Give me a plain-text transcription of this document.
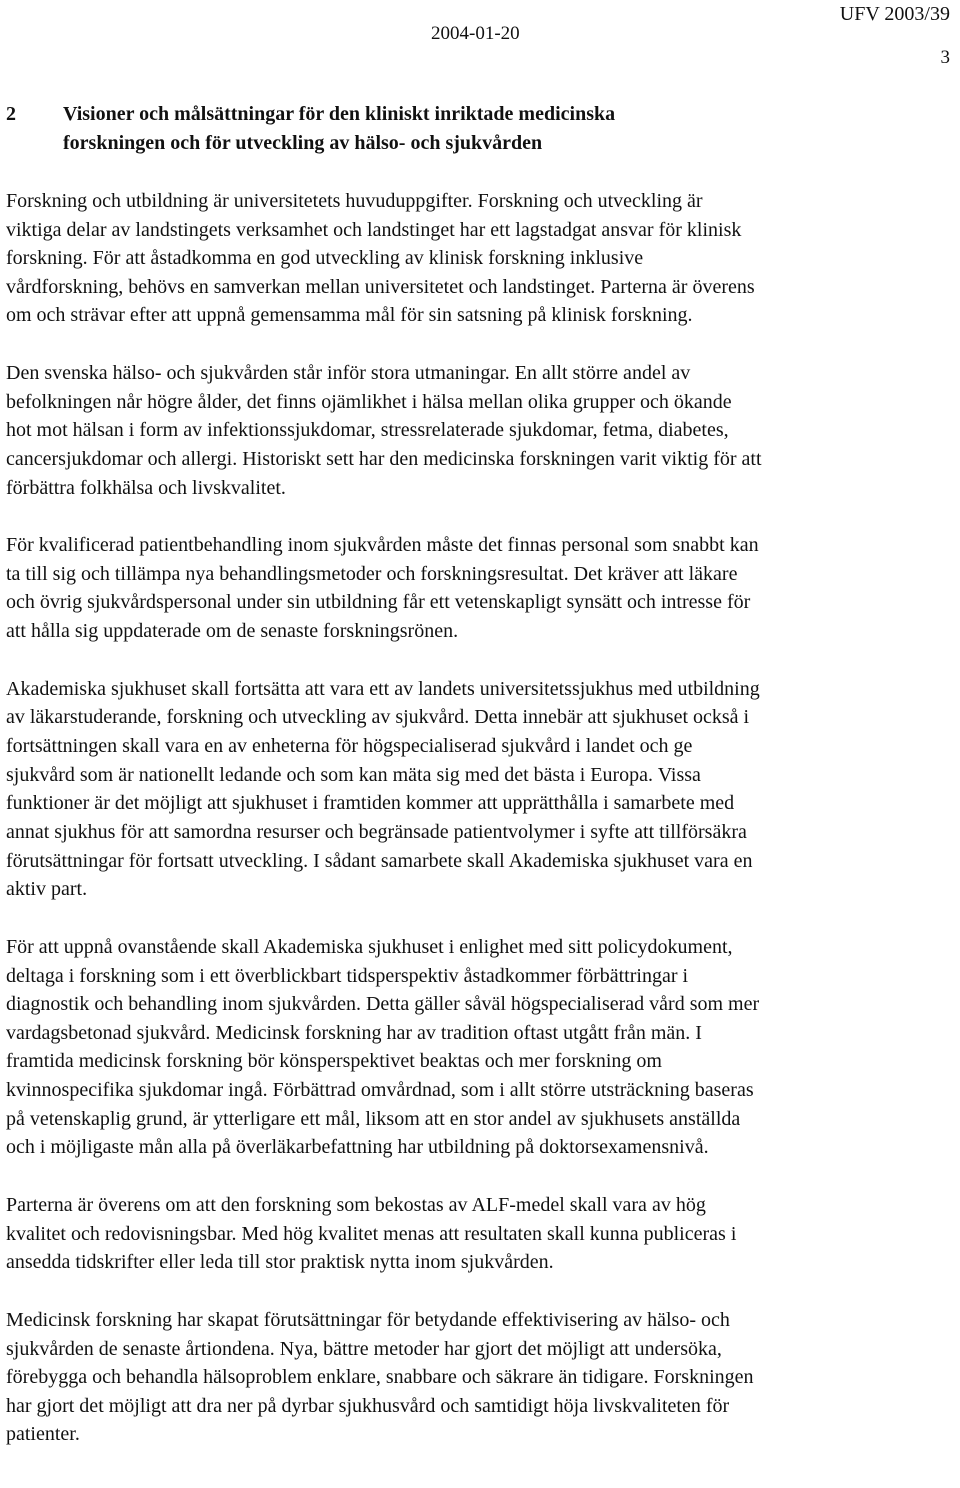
2004-01-20
UFV 2003/39
3
2 Visioner och målsättningar för den kliniskt inriktade medicinska
forskningen och för utveckling av hälso- och sjukvården
Forskning och utbildning är universitetets huvuduppgifter. Forskning och utveckling är
viktiga delar av landstingets verksamhet och landstinget har ett lagstadgat ansvar för klinisk
forskning. För att åstadkomma en god utveckling av klinisk forskning inklusive
vårdforskning, behövs en samverkan mellan universitetet och landstinget. Parterna är överens
om och strävar efter att uppnå gemensamma mål för sin satsning på klinisk forskning.
Den svenska hälso- och sjukvården står inför stora utmaningar. En allt större andel av
befolkningen når högre ålder, det finns ojämlikhet i hälsa mellan olika grupper och ökande
hot mot hälsan i form av infektionssjukdomar, stressrelaterade sjukdomar, fetma, diabetes,
cancersjukdomar och allergi. Historiskt sett har den medicinska forskningen varit viktig för att
förbättra folkhälsa och livskvalitet.
För kvalificerad patientbehandling inom sjukvården måste det finnas personal som snabbt kan
ta till sig och tillämpa nya behandlingsmetoder och forskningsresultat. Det kräver att läkare
och övrig sjukvårdspersonal under sin utbildning får ett vetenskapligt synsätt och intresse för
att hålla sig uppdaterade om de senaste forskningsrönen.
Akademiska sjukhuset skall fortsätta att vara ett av landets universitetssjukhus med utbildning
av läkarstuderande, forskning och utveckling av sjukvård. Detta innebär att sjukhuset också i
fortsättningen skall vara en av enheterna för högspecialiserad sjukvård i landet och ge
sjukvård som är nationellt ledande och som kan mäta sig med det bästa i Europa. Vissa
funktioner är det möjligt att sjukhuset i framtiden kommer att upprätthålla i samarbete med
annat sjukhus för att samordna resurser och begränsade patientvolymer i syfte att tillförsäkra
förutsättningar för fortsatt utveckling. I sådant samarbete skall Akademiska sjukhuset vara en
aktiv part.
För att uppnå ovanstående skall Akademiska sjukhuset i enlighet med sitt policydokument,
deltaga i forskning som i ett överblickbart tidsperspektiv åstadkommer förbättringar i
diagnostik och behandling inom sjukvården. Detta gäller såväl högspecialiserad vård som mer
vardagsbetonad sjukvård. Medicinsk forskning har av tradition oftast utgått från män. I
framtida medicinsk forskning bör könsperspektivet beaktas och mer forskning om
kvinnospecifika sjukdomar ingå. Förbättrad omvårdnad, som i allt större utsträckning baseras
på vetenskaplig grund, är ytterligare ett mål, liksom att en stor andel av sjukhusets anställda
och i möjligaste mån alla på överläkarbefattning har utbildning på doktorsexamensnivå.
Parterna är överens om att den forskning som bekostas av ALF-medel skall vara av hög
kvalitet och redovisningsbar. Med hög kvalitet menas att resultaten skall kunna publiceras i
ansedda tidskrifter eller leda till stor praktisk nytta inom sjukvården.
Medicinsk forskning har skapat förutsättningar för betydande effektivisering av hälso- och
sjukvården de senaste årtiondena. Nya, bättre metoder har gjort det möjligt att undersöka,
förebygga och behandla hälsoproblem enklare, snabbare och säkrare än tidigare. Forskningen
har gjort det möjligt att dra ner på dyrbar sjukhusvård och samtidigt höja livskvaliteten för
patienter.
